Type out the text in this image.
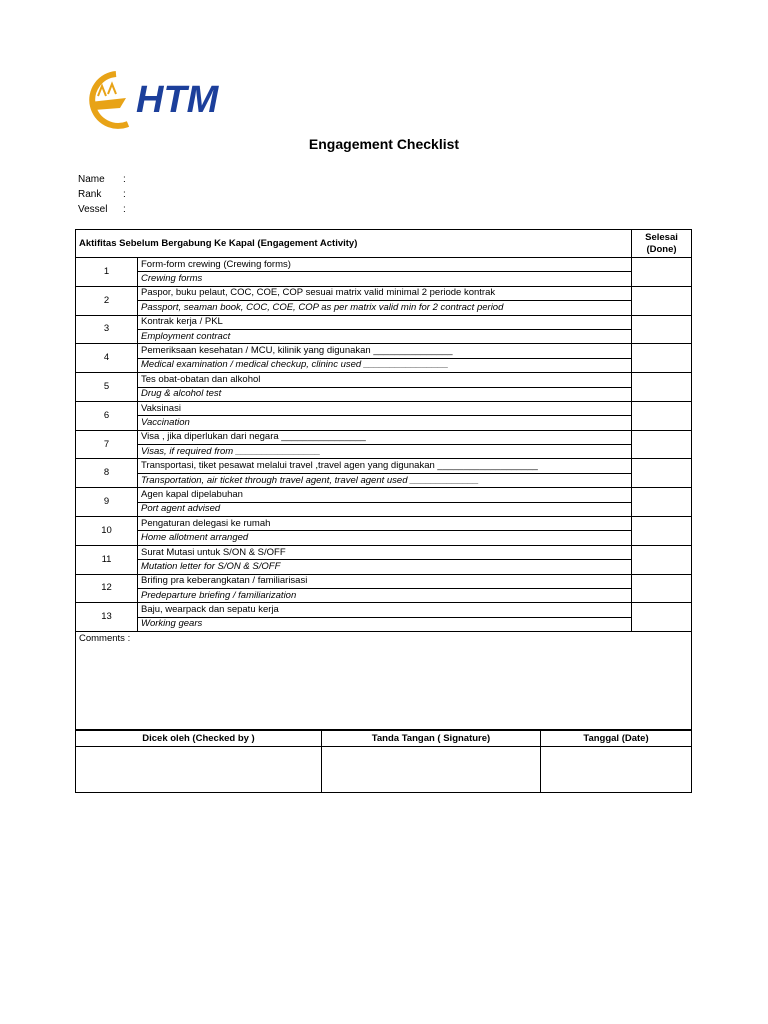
HTM
Engagement Checklist
Name	:
Rank	:
Vessel	:
Aktifitas Sebelum Bergabung Ke Kapal (Engagement Activity)		Selesai
(Done)

1	Form-form crewing (Crewing forms)	
	Crewing forms	
2	Paspor, buku pelaut, COC, COE, COP sesuai matrix valid minimal 2 periode kontrak	
	Passport, seaman book, COC, COE, COP as per matrix valid min for 2 contract period	
3	Kontrak kerja / PKL	
	Employment contract	
4	Pemeriksaan kesehatan / MCU, kilinik yang digunakan _______________	
	Medical examination / medical checkup, clininc used ________________	
5	Tes obat-obatan dan alkohol	
	Drug & alcohol test	
6	Vaksinasi	
	Vaccination	
7	Visa , jika diperlukan dari negara ________________	
	Visas, if required from ________________	
8	Transportasi, tiket pesawat melalui travel ,travel agen yang digunakan ___________________	
	Transportation, air ticket through travel agent, travel agent used _____________	
9	Agen kapal dipelabuhan	
	Port agent advised	
10	Pengaturan delegasi ke rumah	
	Home allotment arranged	
11	Surat Mutasi untuk S/ON & S/OFF	
	Mutation letter for S/ON & S/OFF	
12	Brifing pra keberangkatan / familiarisasi	
	Predeparture briefing / familiarization	
13	Baju, wearpack dan sepatu kerja	
	Working gears	
Comments :		
Dicek oleh (Checked by )	Tanda Tangan ( Signature)	Tanggal (Date)
